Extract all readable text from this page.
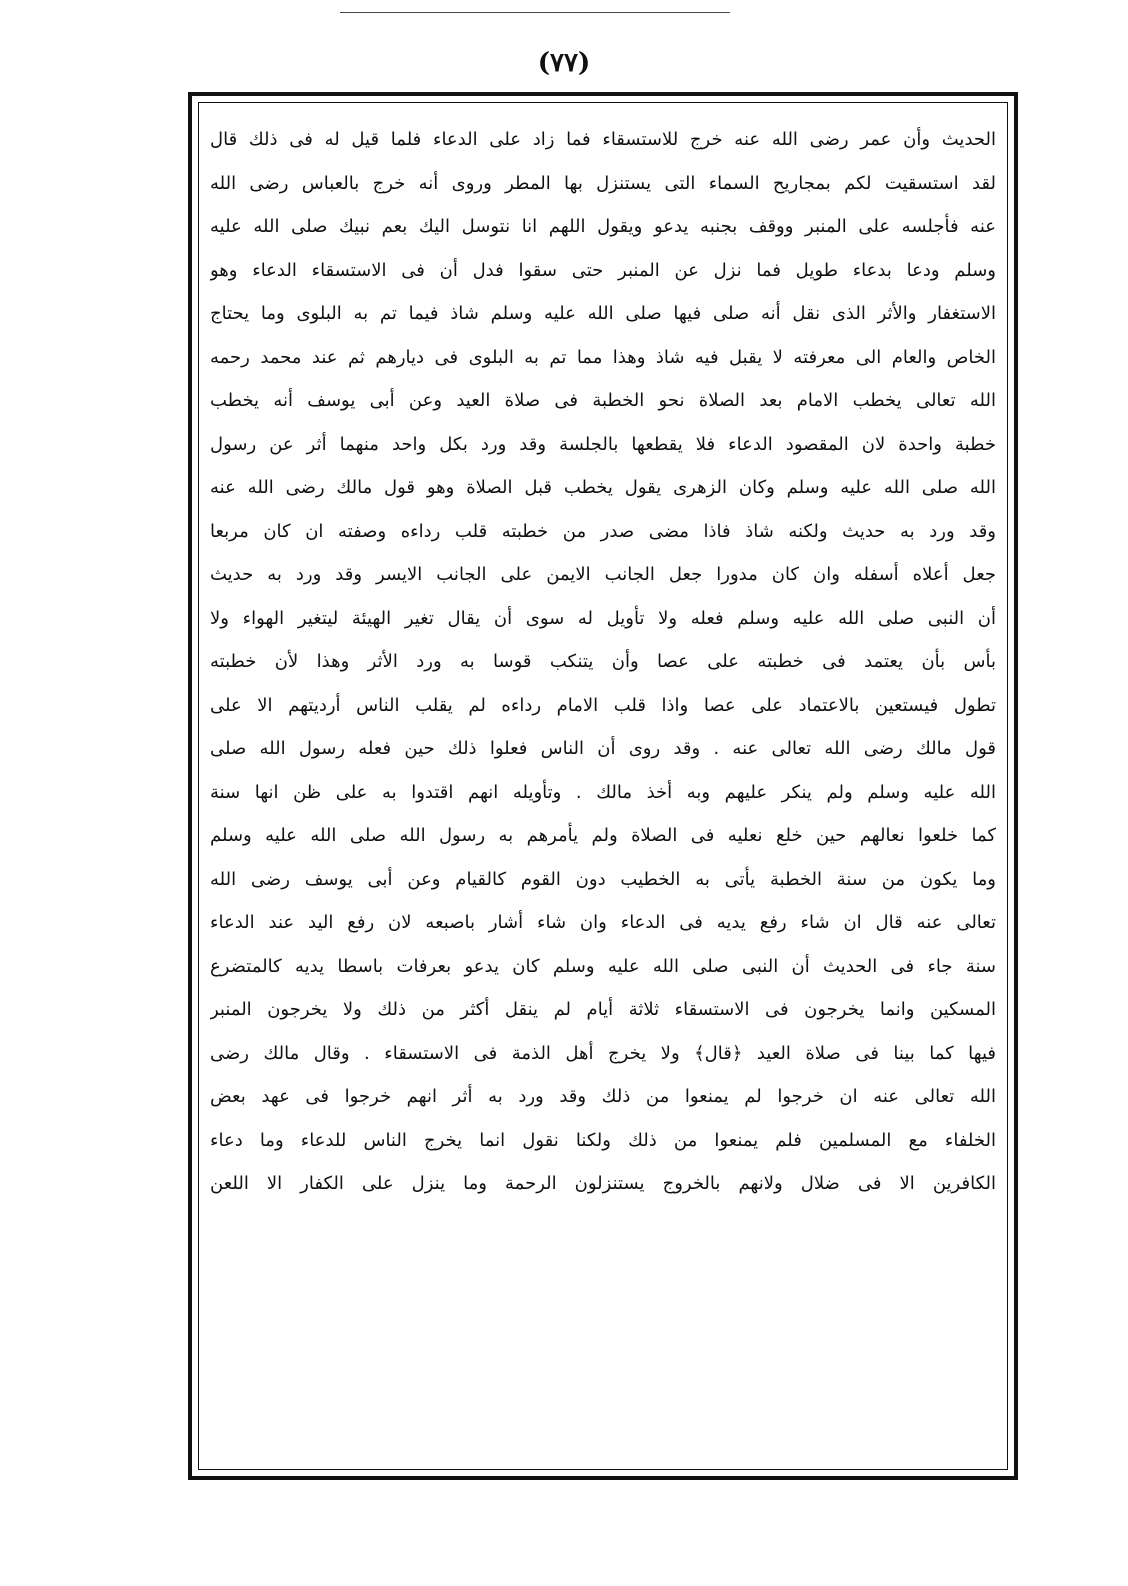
(٧٧)
الحديث وأن عمر رضى الله عنه خرج للاستسقاء فما زاد على الدعاء فلما قيل له فى ذلك قال
لقد استسقيت لكم بمجاريح السماء التى يستنزل بها المطر وروى أنه خرج بالعباس رضى الله
عنه فأجلسه على المنبر ووقف بجنبه يدعو ويقول اللهم انا نتوسل اليك بعم نبيك صلى الله عليه
وسلم ودعا بدعاء طويل فما نزل عن المنبر حتى سقوا فدل أن فى الاستسقاء الدعاء وهو
الاستغفار والأثر الذى نقل أنه صلى فيها صلى الله عليه وسلم شاذ فيما تم به البلوى وما يحتاج
الخاص والعام الى معرفته لا يقبل فيه شاذ وهذا مما تم به البلوى فى ديارهم ثم عند محمد رحمه
الله تعالى يخطب الامام بعد الصلاة نحو الخطبة فى صلاة العيد وعن أبى يوسف أنه يخطب
خطبة واحدة لان المقصود الدعاء فلا يقطعها بالجلسة وقد ورد بكل واحد منهما أثر عن رسول
الله صلى الله عليه وسلم وكان الزهرى يقول يخطب قبل الصلاة وهو قول مالك رضى الله عنه
وقد ورد به حديث ولكنه شاذ فاذا مضى صدر من خطبته قلب رداءه وصفته ان كان مربعا
جعل أعلاه أسفله وان كان مدورا جعل الجانب الايمن على الجانب الايسر وقد ورد به حديث
أن النبى صلى الله عليه وسلم فعله ولا تأويل له سوى أن يقال تغير الهيئة ليتغير الهواء ولا
بأس بأن يعتمد فى خطبته على عصا وأن يتنكب قوسا به ورد الأثر وهذا لأن خطبته
تطول فيستعين بالاعتماد على عصا واذا قلب الامام رداءه لم يقلب الناس أرديتهم الا على
قول مالك رضى الله تعالى عنه . وقد روى أن الناس فعلوا ذلك حين فعله رسول الله صلى
الله عليه وسلم ولم ينكر عليهم وبه أخذ مالك . وتأويله انهم اقتدوا به على ظن انها سنة
كما خلعوا نعالهم حين خلع نعليه فى الصلاة ولم يأمرهم به رسول الله صلى الله عليه وسلم
وما يكون من سنة الخطبة يأتى به الخطيب دون القوم كالقيام وعن أبى يوسف رضى الله
تعالى عنه قال ان شاء رفع يديه فى الدعاء وان شاء أشار باصبعه لان رفع اليد عند الدعاء
سنة جاء فى الحديث أن النبى صلى الله عليه وسلم كان يدعو بعرفات باسطا يديه كالمتضرع
المسكين وانما يخرجون فى الاستسقاء ثلاثة أيام لم ينقل أكثر من ذلك ولا يخرجون المنبر
فيها كما بينا فى صلاة العيد ﴿قال﴾ ولا يخرج أهل الذمة فى الاستسقاء . وقال مالك رضى
الله تعالى عنه ان خرجوا لم يمنعوا من ذلك وقد ورد به أثر انهم خرجوا فى عهد بعض
الخلفاء مع المسلمين فلم يمنعوا من ذلك ولكنا نقول انما يخرج الناس للدعاء وما دعاء
الكافرين الا فى ضلال ولانهم بالخروج يستنزلون الرحمة وما ينزل على الكفار الا اللعن
